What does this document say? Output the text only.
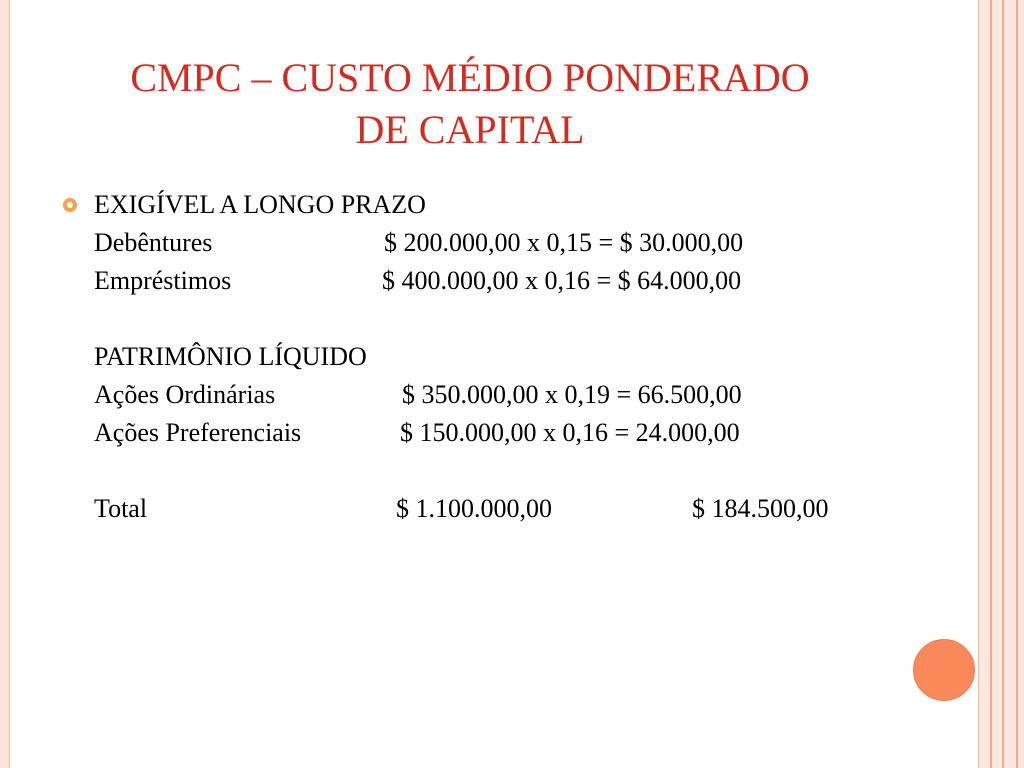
CMPC – CUSTO MÉDIO PONDERADO
DE CAPITAL
EXIGÍVEL A LONGO PRAZO
Debêntures	$ 200.000,00 x 0,15 = $ 30.000,00
Empréstimos	$ 400.000,00 x 0,16 = $ 64.000,00
PATRIMÔNIO LÍQUIDO
Ações Ordinárias	$ 350.000,00 x 0,19 = 66.500,00
Ações Preferenciais	$ 150.000,00 x 0,16 = 24.000,00
Total	$ 1.100.000,00	$ 184.500,00
